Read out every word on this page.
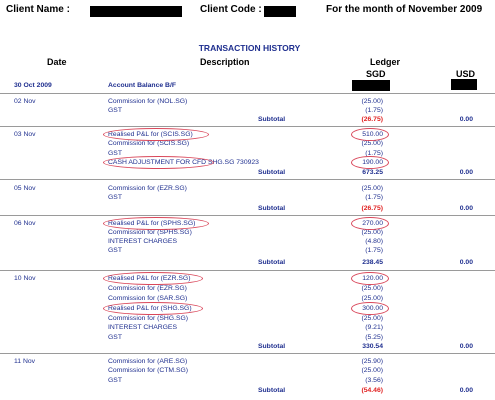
Client Name :	Client Code :	For the month of November 2009
TRANSACTION HISTORY
Date	Description	Ledger
SGD	USD
30 Oct 2009	Account Balance B/F
02 Nov	Commission for (NOL.SG)	(25.00)
GST	(1.75)
Subtotal	(26.75)	0.00
03 Nov	Realised P&L for (SCIS.SG)	510.00
Commission for (SCIS.SG)	(25.00)
GST	(1.75)
CASH ADJUSTMENT FOR CFD SHG.SG 730923	190.00
Subtotal	673.25	0.00
05 Nov	Commission for (EZR.SG)	(25.00)
GST	(1.75)
Subtotal	(26.75)	0.00
06 Nov	Realised P&L for (SPHS.SG)	270.00
Commission for (SPHS.SG)	(25.00)
INTEREST CHARGES	(4.80)
GST	(1.75)
Subtotal	238.45	0.00
10 Nov	Realised P&L for (EZR.SG)	120.00
Commission for (EZR.SG)	(25.00)
Commission for (SAR.SG)	(25.00)
Realised P&L for (SHG.SG)	300.00
Commission for (SHG.SG)	(25.00)
INTEREST CHARGES	(9.21)
GST	(5.25)
Subtotal	330.54	0.00
11 Nov	Commission for (ARE.SG)	(25.90)
Commission for (CTM.SG)	(25.00)
GST	(3.56)
Subtotal	(54.46)	0.00
